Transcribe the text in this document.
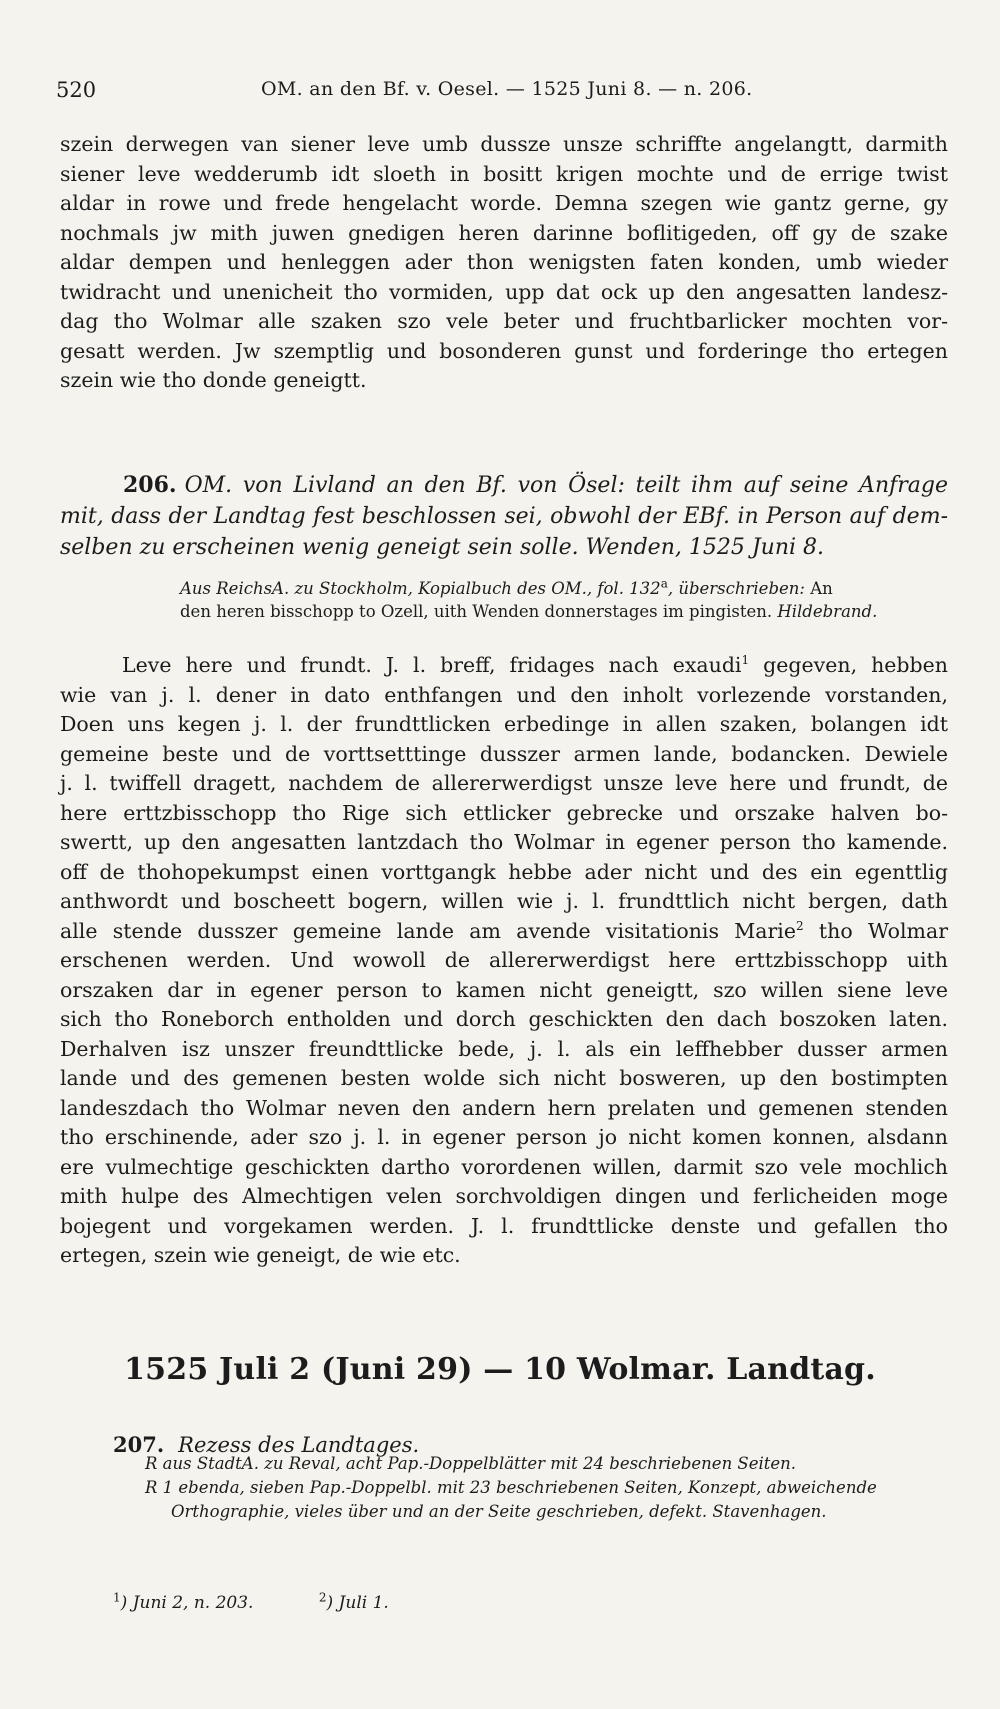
520	OM. an den Bf. v. Oesel. — 1525 Juni 8. — n. 206.
szein derwegen van siener leve umb dussze unsze schriffte angelangtt, darmith
siener leve wedderumb idt sloeth in bositt krigen mochte und de errige twist
aldar in rowe und frede hengelacht worde. Demna szegen wie gantz gerne, gy
nochmals jw mith juwen gnedigen heren darinne boflitigeden, off gy de szake
aldar dempen und henleggen ader thon wenigsten faten konden, umb wieder
twidracht und unenicheit tho vormiden, upp dat ock up den angesatten landesz-
dag tho Wolmar alle szaken szo vele beter und fruchtbarlicker mochten vor-
gesatt werden. Jw szemptlig und bosonderen gunst und forderinge tho ertegen
szein wie tho donde geneigtt.
206. OM. von Livland an den Bf. von Ösel: teilt ihm auf seine Anfrage
mit, dass der Landtag fest beschlossen sei, obwohl der EBf. in Person auf dem-
selben zu erscheinen wenig geneigt sein solle. Wenden, 1525 Juni 8.
Aus ReichsA. zu Stockholm, Kopialbuch des OM., fol. 132$^a$, überschrieben: An
den heren bisschopp to Ozell, uith Wenden donnerstages im pingisten. Hildebrand.
Leve here und frundt. J. l. breff, fridages nach exaudi$^1$ gegeven, hebben
wie van j. l. dener in dato enthfangen und den inholt vorlezende vorstanden,
Doen uns kegen j. l. der frundttlicken erbedinge in allen szaken, bolangen idt
gemeine beste und de vorttsetttinge dusszer armen lande, bodancken. Dewiele
j. l. twiffell dragett, nachdem de allererwerdigst unsze leve here und frundt, de
here erttzbisschopp tho Rige sich ettlicker gebrecke und orszake halven bo-
swertt, up den angesatten lantzdach tho Wolmar in egener person tho kamende.
off de thohopekumpst einen vorttgangk hebbe ader nicht und des ein egenttlig
anthwordt und boscheett bogern, willen wie j. l. frundttlich nicht bergen, dath
alle stende dusszer gemeine lande am avende visitationis Marie$^2$ tho Wolmar
erschenen werden. Und wowoll de allererwerdigst here erttzbisschopp uith
orszaken dar in egener person to kamen nicht geneigtt, szo willen siene leve
sich tho Roneborch entholden und dorch geschickten den dach boszoken laten.
Derhalven isz unszer freundttlicke bede, j. l. als ein leffhebber dusser armen
lande und des gemenen besten wolde sich nicht bosweren, up den bostimpten
landeszdach tho Wolmar neven den andern hern prelaten und gemenen stenden
tho erschinende, ader szo j. l. in egener person jo nicht komen konnen, alsdann
ere vulmechtige geschickten dartho vorordenen willen, darmit szo vele mochlich
mith hulpe des Almechtigen velen sorchvoldigen dingen und ferlicheiden moge
bojegent und vorgekamen werden. J. l. frundttlicke denste und gefallen tho
ertegen, szein wie geneigt, de wie etc.
1525 Juli 2 (Juni 29) — 10 Wolmar. Landtag.
207. Rezess des Landtages.
R aus StadtA. zu Reval, acht Pap.-Doppelblätter mit 24 beschriebenen Seiten.
R 1 ebenda, sieben Pap.-Doppelbl. mit 23 beschriebenen Seiten, Konzept, abweichende
Orthographie, vieles über und an der Seite geschrieben, defekt. Stavenhagen.
$^1$) Juni 2, n. 203.	$^2$) Juli 1.
